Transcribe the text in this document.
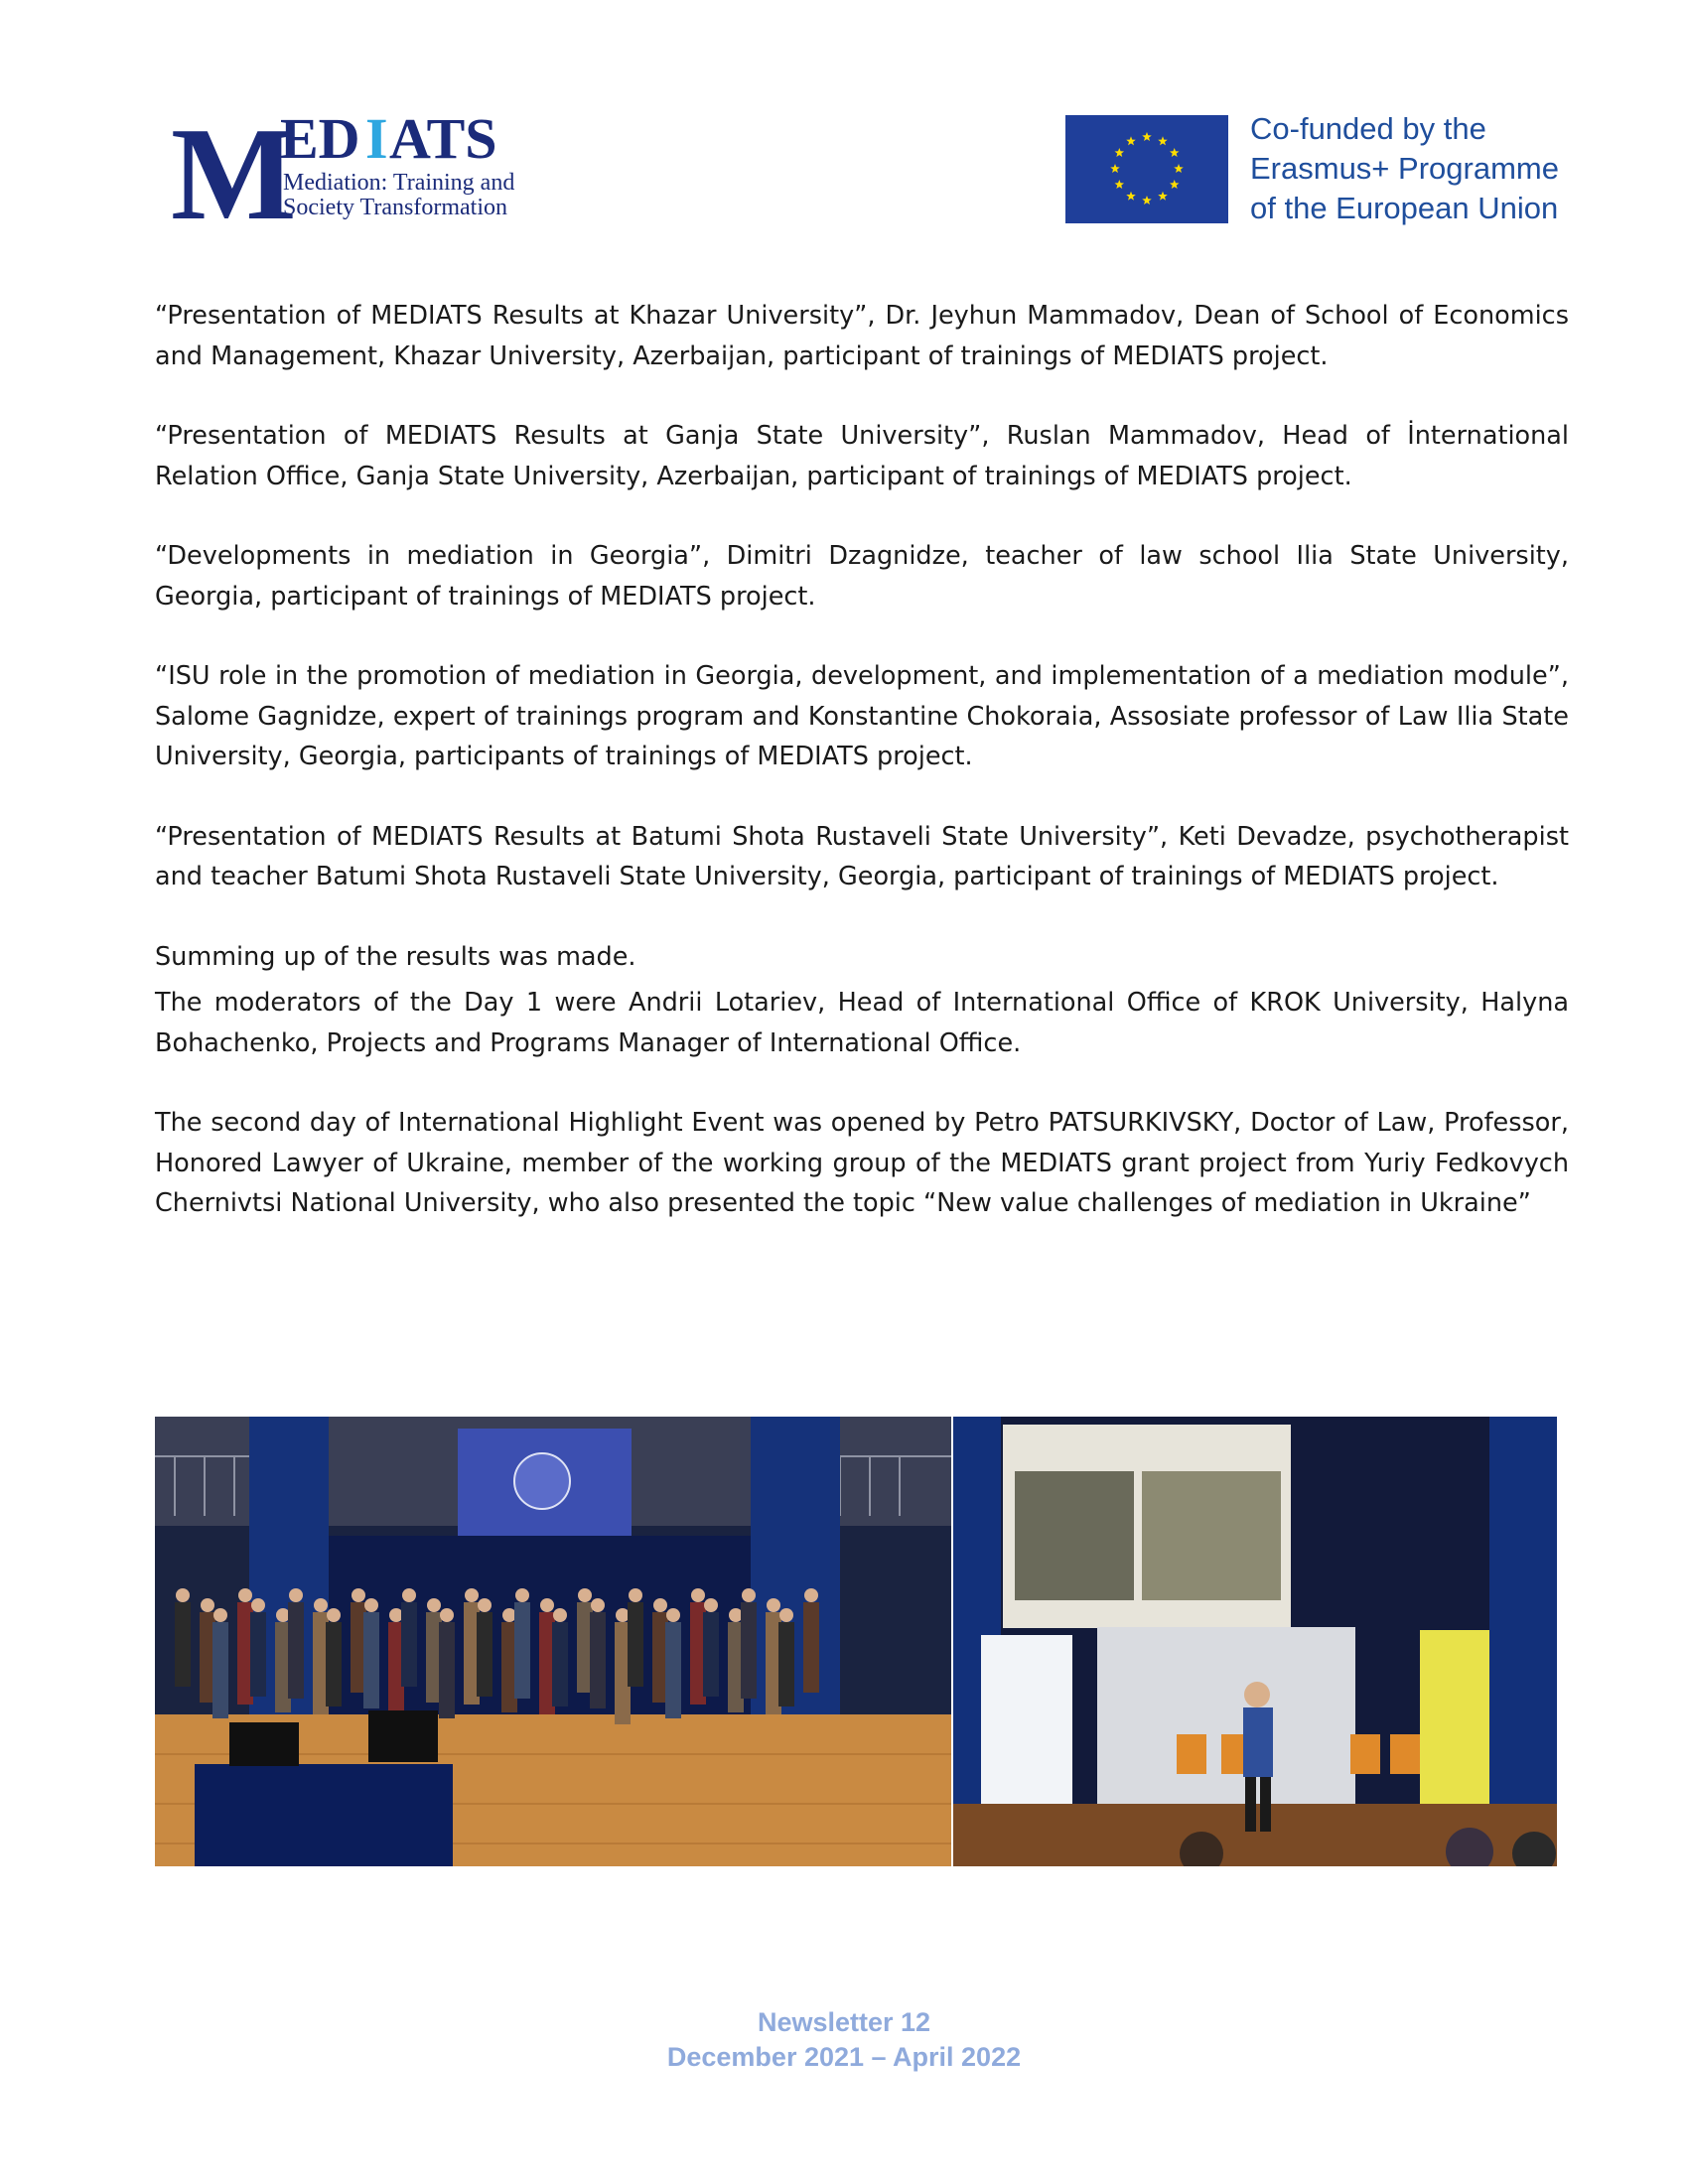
M
ED I ATS
Mediation: Training and
Society Transformation
Co-funded by the
Erasmus+ Programme
of the European Union

“Presentation of MEDIATS Results at Khazar University”, Dr. Jeyhun Mammadov, Dean of School of Economics and Management, Khazar University, Azerbaijan, participant of trainings of MEDIATS project.

“Presentation of MEDIATS Results at Ganja State University”, Ruslan Mammadov, Head of İnternational Relation Office, Ganja State University, Azerbaijan, participant of trainings of MEDIATS project.

“Developments in mediation in Georgia”, Dimitri Dzagnidze, teacher of law school Ilia State University, Georgia, participant of trainings of MEDIATS project.

“ISU role in the promotion of mediation in Georgia, development, and implementation of a mediation module”, Salome Gagnidze, expert of trainings program and Konstantine Chokoraia, Assosiate professor of Law Ilia State University, Georgia, participants of trainings of MEDIATS project.

“Presentation of MEDIATS Results at Batumi Shota Rustaveli State University”, Keti Devadze, psychotherapist and teacher Batumi Shota Rustaveli State University, Georgia, participant of trainings of MEDIATS project.

Summing up of the results was made.

The moderators of the Day 1 were Andrii Lotariev, Head of International Office of KROK University, Halyna Bohachenko, Projects and Programs Manager of International Office.

The second day of International Highlight Event was opened by Petro PATSURKIVSKY, Doctor of Law, Professor, Honored Lawyer of Ukraine, member of the working group of the MEDIATS grant project from Yuriy Fedkovych Chernivtsi National University, who also presented the topic “New value challenges of mediation in Ukraine”

Newsletter 12
December 2021 – April 2022
